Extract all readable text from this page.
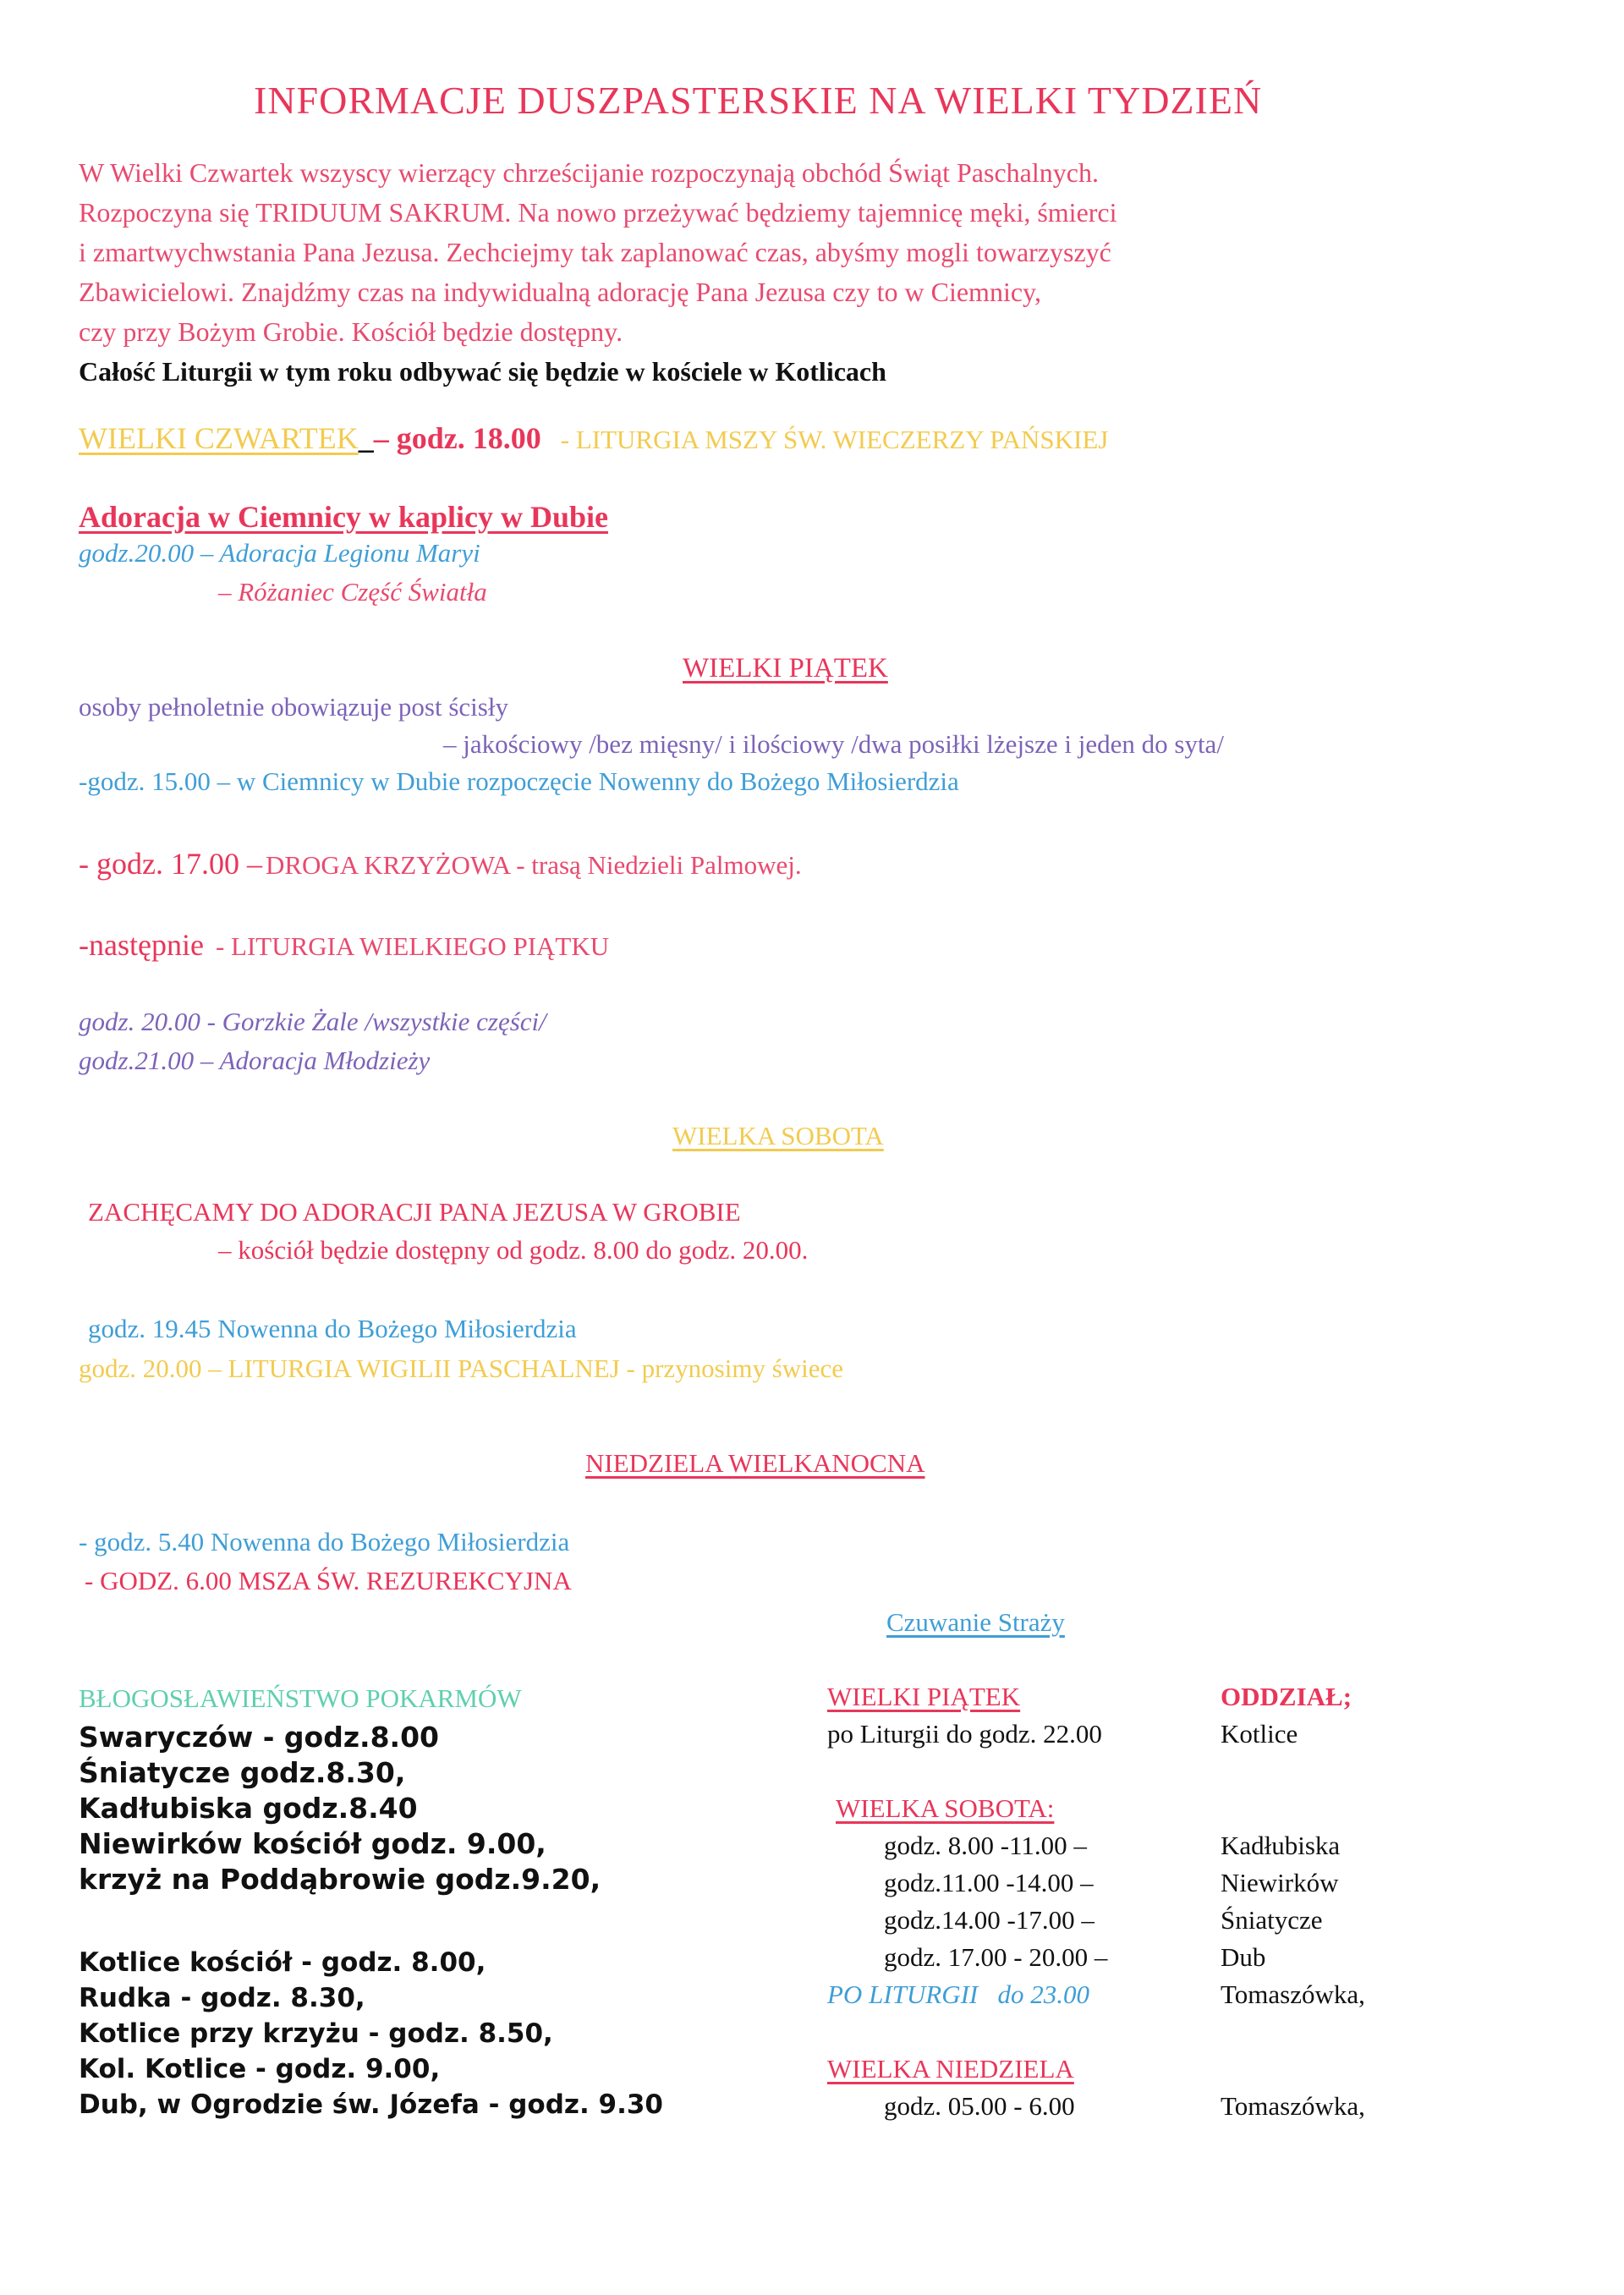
INFORMACJE DUSZPASTERSKIE NA WIELKI TYDZIEŃ
W Wielki Czwartek wszyscy wierzący chrześcijanie rozpoczynają obchód Świąt Paschalnych.
Rozpoczyna się TRIDUUM SAKRUM. Na nowo przeżywać będziemy tajemnicę męki, śmierci
i zmartwychwstania Pana Jezusa. Zechciejmy tak zaplanować czas, abyśmy mogli towarzyszyć
Zbawicielowi. Znajdźmy czas na indywidualną adorację Pana Jezusa czy to w Ciemnicy,
czy przy Bożym Grobie. Kościół będzie dostępny.
Całość Liturgii w tym roku odbywać się będzie w kościele w Kotlicach
WIELKI CZWARTEK_– godz. 18.00 - LITURGIA MSZY ŚW. WIECZERZY PAŃSKIEJ
Adoracja w Ciemnicy w kaplicy w Dubie
godz.20.00 – Adoracja Legionu Maryi
– Różaniec Część Światła
WIELKI PIĄTEK
osoby pełnoletnie obowiązuje post ścisły
– jakościowy /bez mięsny/ i ilościowy /dwa posiłki lżejsze i jeden do syta/
-godz. 15.00 – w Ciemnicy w Dubie rozpoczęcie Nowenny do Bożego Miłosierdzia
- godz. 17.00 – DROGA KRZYŻOWA - trasą Niedzieli Palmowej.
-następnie - LITURGIA WIELKIEGO PIĄTKU
godz. 20.00 - Gorzkie Żale /wszystkie części/
godz.21.00 – Adoracja Młodzieży
WIELKA SOBOTA
ZACHĘCAMY DO ADORACJI PANA JEZUSA W GROBIE
– kościół będzie dostępny od godz. 8.00 do godz. 20.00.
godz. 19.45 Nowenna do Bożego Miłosierdzia
godz. 20.00 – LITURGIA WIGILII PASCHALNEJ - przynosimy świece
NIEDZIELA WIELKANOCNA
- godz. 5.40 Nowenna do Bożego Miłosierdzia
- GODZ. 6.00 MSZA ŚW. REZUREKCYJNA
BŁOGOSŁAWIEŃSTWO POKARMÓW
Swaryczów - godz.8.00
Śniatycze godz.8.30,
Kadłubiska godz.8.40
Niewirków kościół godz. 9.00,
krzyż na Poddąbrowie godz.9.20,
Kotlice kościół - godz. 8.00,
Rudka - godz. 8.30,
Kotlice przy krzyżu - godz. 8.50,
Kol. Kotlice - godz. 9.00,
Dub, w Ogrodzie św. Józefa - godz. 9.30
Czuwanie Straży
WIELKI PIĄTEK	ODDZIAŁ;
po Liturgii do godz. 22.00	Kotlice
WIELKA SOBOTA:
godz. 8.00 -11.00 –	Kadłubiska
godz.11.00 -14.00 –	Niewirków
godz.14.00 -17.00 –	Śniatycze
godz. 17.00 - 20.00 –	Dub
PO LITURGII   do 23.00	Tomaszówka,
WIELKA NIEDZIELA
godz. 05.00 - 6.00	Tomaszówka,
